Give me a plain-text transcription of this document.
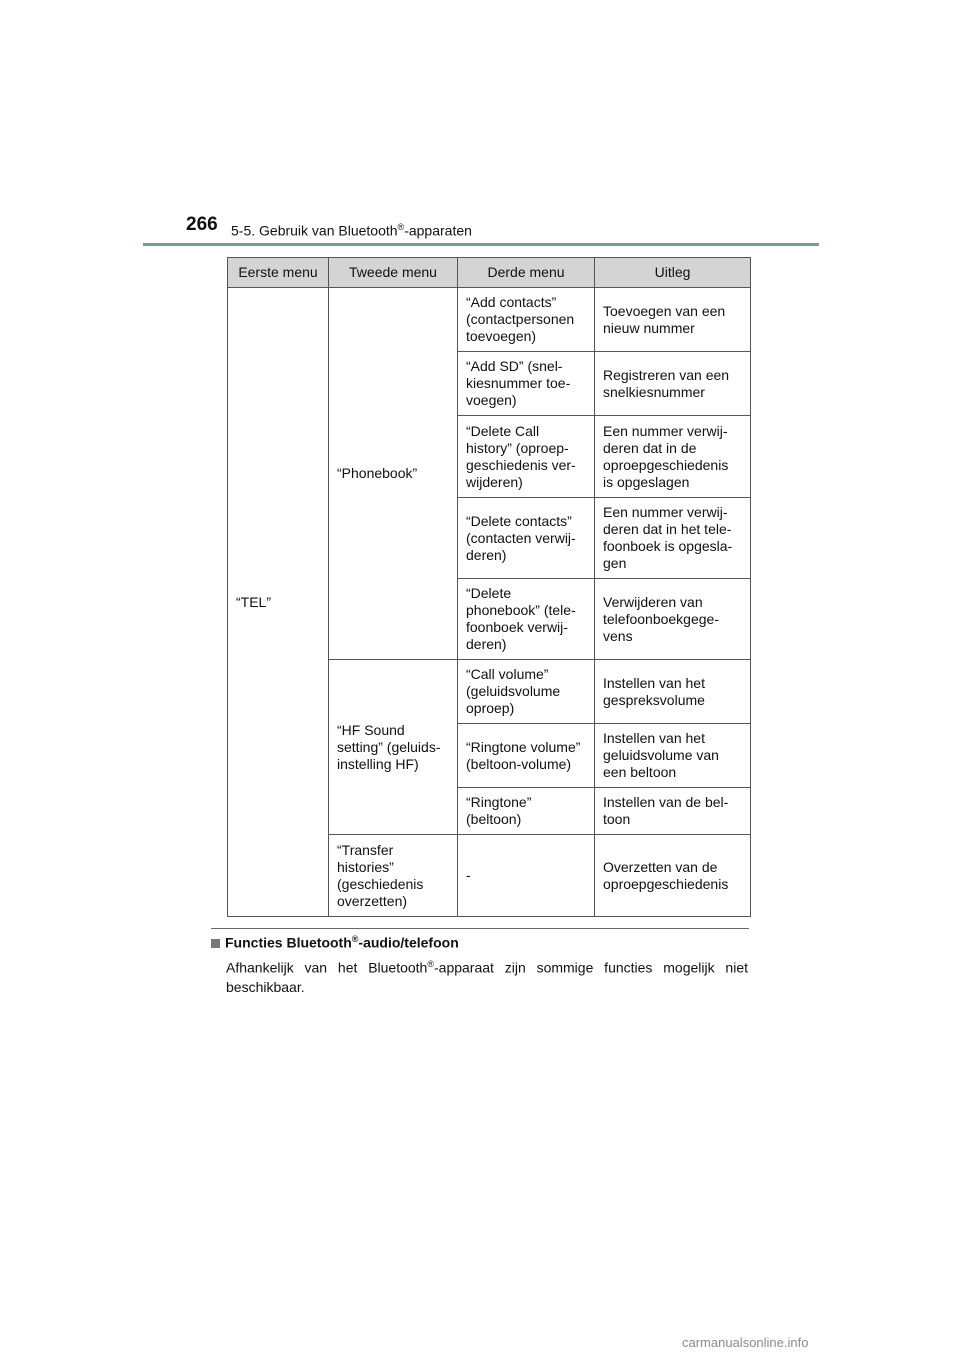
266 5-5. Gebruik van Bluetooth®-apparaten
Eerste menu	Tweede menu	Derde menu	Uitleg
“TEL”	“Phonebook”	“Add contacts” (contactpersonen toevoegen)	Toevoegen van een nieuw nummer
		“Add SD” (snel-kiesnummer toe-voegen)	Registreren van een snelkiesnummer
		“Delete Call history” (oproep-geschiedenis ver-wijderen)	Een nummer verwij-deren dat in de oproepgeschiedenis is opgeslagen
		“Delete contacts” (contacten verwij-deren)	Een nummer verwij-deren dat in het tele-foonboek is opgesla-gen
		“Delete phonebook” (tele-foonboek verwij-deren)	Verwijderen van telefoonboekgege-vens
	“HF Sound setting” (geluids-instelling HF)	“Call volume” (geluidsvolume oproep)	Instellen van het gespreksvolume
		“Ringtone volume” (beltoon-volume)	Instellen van het geluidsvolume van een beltoon
		“Ringtone” (beltoon)	Instellen van de bel-toon
	“Transfer histories” (geschiedenis overzetten)	-	Overzetten van de oproepgeschiedenis
Functies Bluetooth®-audio/telefoon
Afhankelijk van het Bluetooth®-apparaat zijn sommige functies mogelijk niet beschikbaar.
carmanualsonline.info
